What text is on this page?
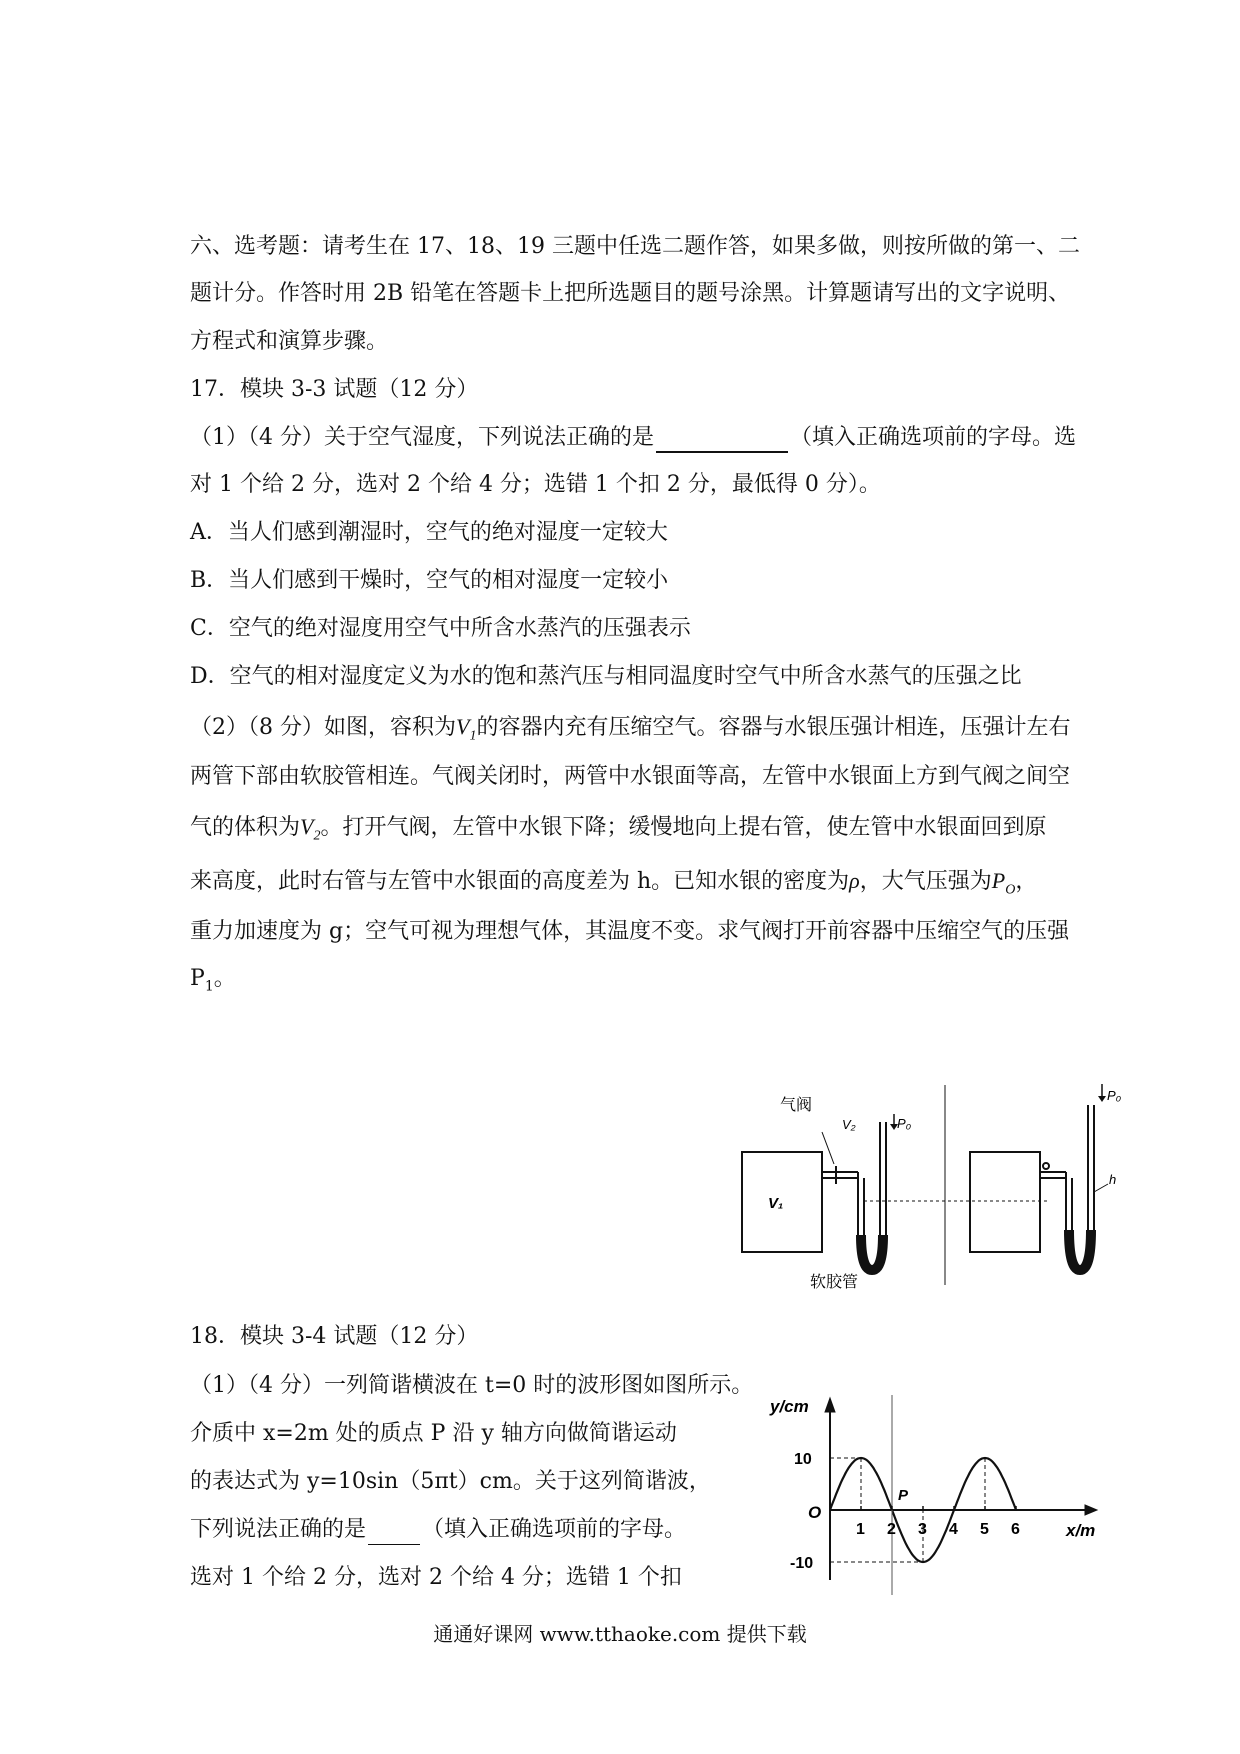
六、选考题：请考生在 17、18、19 三题中任选二题作答，如果多做，则按所做的第一、二
题计分。作答时用 2B 铅笔在答题卡上把所选题目的题号涂黑。计算题请写出的文字说明、
方程式和演算步骤。
17．模块 3-3 试题（12 分）
（1）（4 分）关于空气湿度，下列说法正确的是	（填入正确选项前的字母。选
对 1 个给 2 分，选对 2 个给 4 分；选错 1 个扣 2 分，最低得 0 分）。
A．当人们感到潮湿时，空气的绝对湿度一定较大
B．当人们感到干燥时，空气的相对湿度一定较小
C．空气的绝对湿度用空气中所含水蒸汽的压强表示
D．空气的相对湿度定义为水的饱和蒸汽压与相同温度时空气中所含水蒸气的压强之比
（2）（8 分）如图，容积为$V_1$的容器内充有压缩空气。容器与水银压强计相连，压强计左右
两管下部由软胶管相连。气阀关闭时，两管中水银面等高，左管中水银面上方到气阀之间空
气的体积为$V_2$。打开气阀，左管中水银下降；缓慢地向上提右管，使左管中水银面回到原
来高度，此时右管与左管中水银面的高度差为 h。已知水银的密度为ρ，大气压强为$P_O$，
重力加速度为 g；空气可视为理想气体，其温度不变。求气阀打开前容器中压缩空气的压强
$P_1$。
气阀
V₂	P₀
V₁
软胶管
P₀
h
18．模块 3-4 试题（12 分）
（1）（4 分）一列简谐横波在 t=0 时的波形图如图所示。
介质中 x=2m 处的质点 P 沿 y 轴方向做简谐运动
的表达式为 y=10sin（5πt）cm。关于这列简谐波，
下列说法正确的是	（填入正确选项前的字母。
选对 1 个给 2 分，选对 2 个给 4 分；选错 1 个扣
y/cm
x/m
O
P
1 2 3 4 5 6
10
-10
通通好课网 www.tthaoke.com 提供下载
